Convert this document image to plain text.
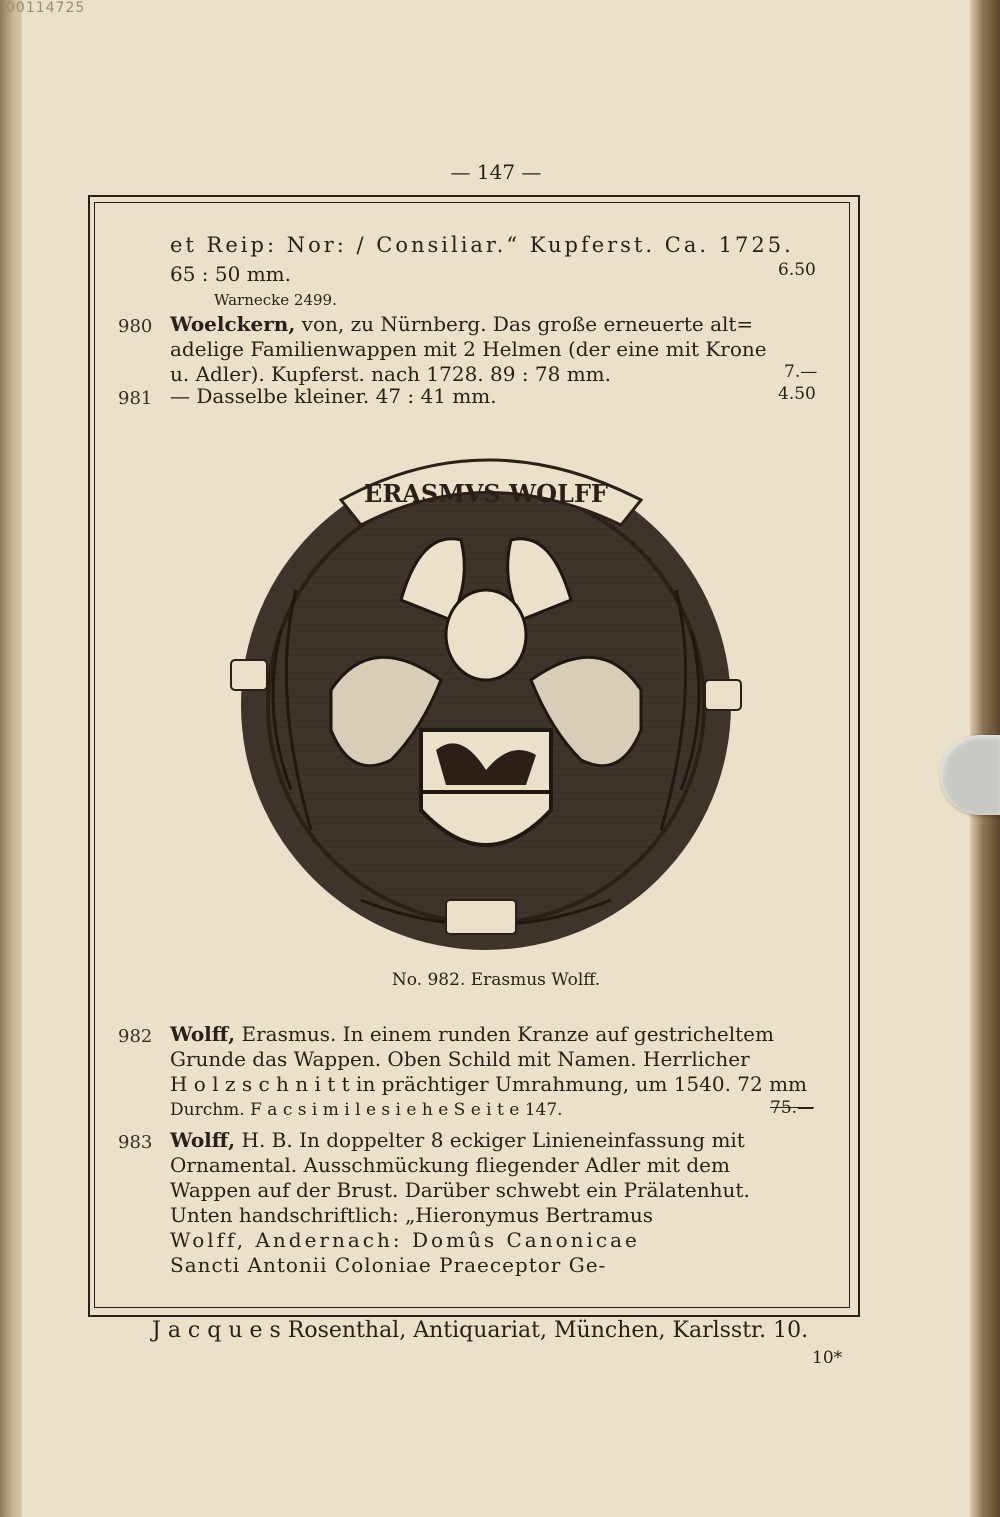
— 147 —
et Reip: Nor: / Consiliar.“ Kupferst. Ca. 1725.
65 : 50 mm.	6.50
Warnecke 2499.
980 Woelckern, von, zu Nürnberg. Das große erneuerte alt=
adelige Familienwappen mit 2 Helmen (der eine mit Krone
u. Adler). Kupferst. nach 1728. 89 : 78 mm.	7.—
981 — Dasselbe kleiner. 47 : 41 mm.	4.50
ERASMVS WOLFF
No. 982. Erasmus Wolff.
982 Wolff, Erasmus. In einem runden Kranze auf gestricheltem
Grunde das Wappen. Oben Schild mit Namen. Herrlicher
H o l z s c h n i t t in prächtiger Umrahmung, um 1540. 72 mm
Durchm. F a c s i m i l e s i e h e S e i t e 147.	75.—
983 Wolff, H. B. In doppelter 8 eckiger Linieneinfassung mit
Ornamental. Ausschmückung fliegender Adler mit dem
Wappen auf der Brust. Darüber schwebt ein Prälatenhut.
Unten handschriftlich: „Hieronymus Bertramus
Wolff, Andernach: Domûs Canonicae
Sancti Antonii Coloniae Praeceptor Ge-
J a c q u e s Rosenthal, Antiquariat, München, Karlsstr. 10.
10*
00114725
